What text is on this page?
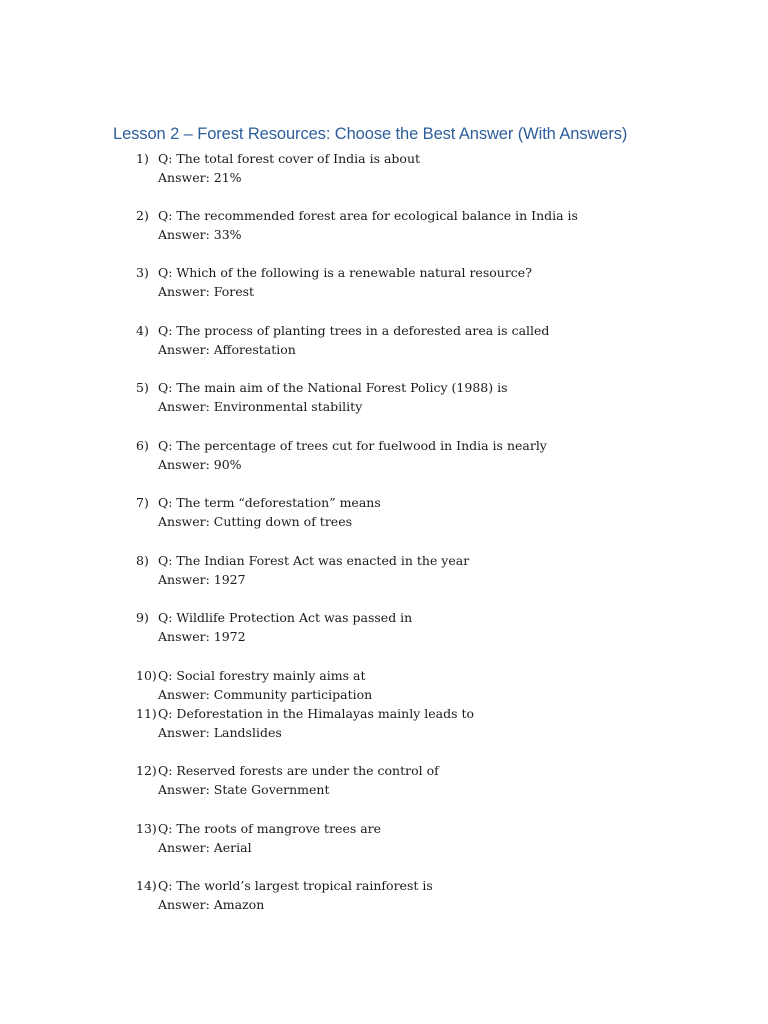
Lesson 2 – Forest Resources: Choose the Best Answer (With Answers)
1) Q: The total forest cover of India is about
Answer: 21%
2) Q: The recommended forest area for ecological balance in India is
Answer: 33%
3) Q: Which of the following is a renewable natural resource?
Answer: Forest
4) Q: The process of planting trees in a deforested area is called
Answer: Afforestation
5) Q: The main aim of the National Forest Policy (1988) is
Answer: Environmental stability
6) Q: The percentage of trees cut for fuelwood in India is nearly
Answer: 90%
7) Q: The term “deforestation” means
Answer: Cutting down of trees
8) Q: The Indian Forest Act was enacted in the year
Answer: 1927
9) Q: Wildlife Protection Act was passed in
Answer: 1972
10) Q: Social forestry mainly aims at
Answer: Community participation
11) Q: Deforestation in the Himalayas mainly leads to
Answer: Landslides
12) Q: Reserved forests are under the control of
Answer: State Government
13) Q: The roots of mangrove trees are
Answer: Aerial
14) Q: The world’s largest tropical rainforest is
Answer: Amazon
